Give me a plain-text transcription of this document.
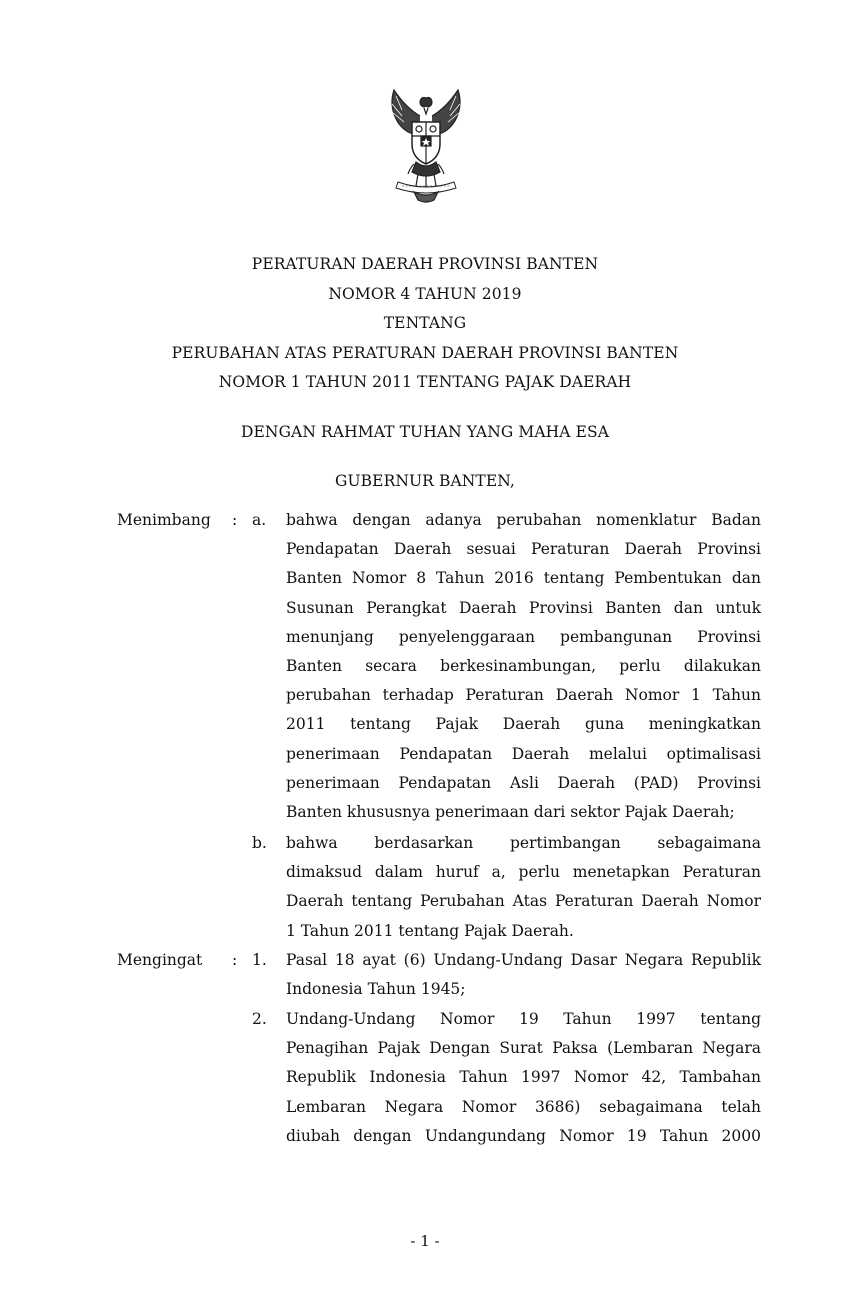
PERATURAN DAERAH PROVINSI BANTEN
NOMOR 4 TAHUN 2019
TENTANG
PERUBAHAN ATAS PERATURAN DAERAH PROVINSI BANTEN
NOMOR 1 TAHUN 2011 TENTANG PAJAK DAERAH
DENGAN RAHMAT TUHAN YANG MAHA ESA
GUBERNUR BANTEN,
Menimbang : a. bahwa dengan adanya perubahan nomenklatur Badan
Pendapatan Daerah sesuai Peraturan Daerah Provinsi
Banten Nomor 8 Tahun 2016 tentang Pembentukan dan
Susunan Perangkat Daerah Provinsi Banten dan untuk
menunjang penyelenggaraan pembangunan Provinsi
Banten secara berkesinambungan, perlu dilakukan
perubahan terhadap Peraturan Daerah Nomor 1 Tahun
2011 tentang Pajak Daerah guna meningkatkan
penerimaan Pendapatan Daerah melalui optimalisasi
penerimaan Pendapatan Asli Daerah (PAD) Provinsi
Banten khususnya penerimaan dari sektor Pajak Daerah;
b. bahwa berdasarkan pertimbangan sebagaimana
dimaksud dalam huruf a, perlu menetapkan Peraturan
Daerah tentang Perubahan Atas Peraturan Daerah Nomor
1 Tahun 2011 tentang Pajak Daerah.
Mengingat : 1. Pasal 18 ayat (6) Undang-Undang Dasar Negara Republik
Indonesia Tahun 1945;
2. Undang-Undang Nomor 19 Tahun 1997 tentang
Penagihan Pajak Dengan Surat Paksa (Lembaran Negara
Republik Indonesia Tahun 1997 Nomor 42, Tambahan
Lembaran Negara Nomor 3686) sebagaimana telah
diubah dengan Undangundang Nomor 19 Tahun 2000
- 1 -
